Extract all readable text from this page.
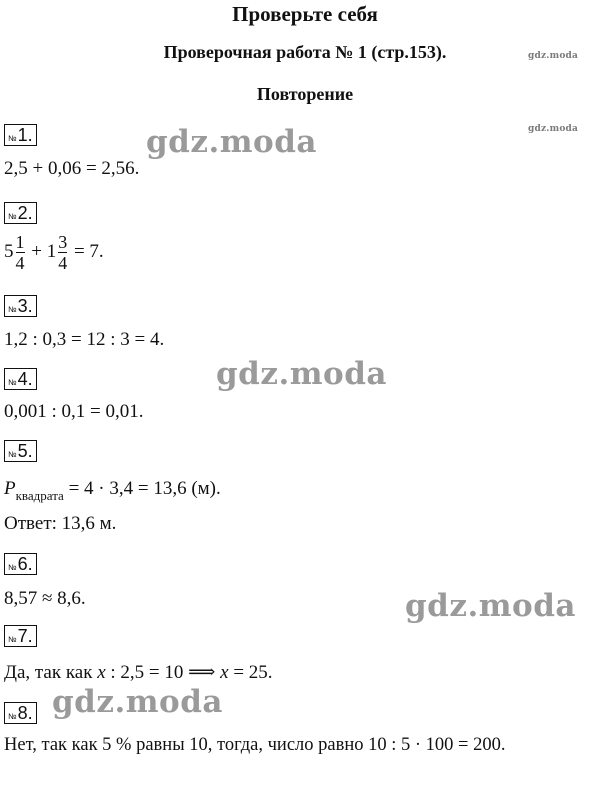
Проверьте себя
Проверочная работа № 1 (стр.153).
Повторение
gdz.moda
gdz.moda
gdz.moda
gdz.moda
gdz.moda
gdz.moda
№ 1.
2,5 + 0,06 = 2,56.
№ 2.
$5 \frac{1}{4} + 1 \frac{3}{4} = 7$.
№ 3.
1,2 : 0,3 = 12 : 3 = 4.
№ 4.
0,001 : 0,1 = 0,01.
№ 5.
$P_{квадрата} = 4 \cdot 3,4 = 13,6$ (м).
Ответ: 13,6 м.
№ 6.
8,57 ≈ 8,6.
№ 7.
Да, так как x : 2,5 = 10 ⟹ x = 25.
№ 8.
Нет, так как 5 % равны 10, тогда, число равно 10 : 5 · 100 = 200.
